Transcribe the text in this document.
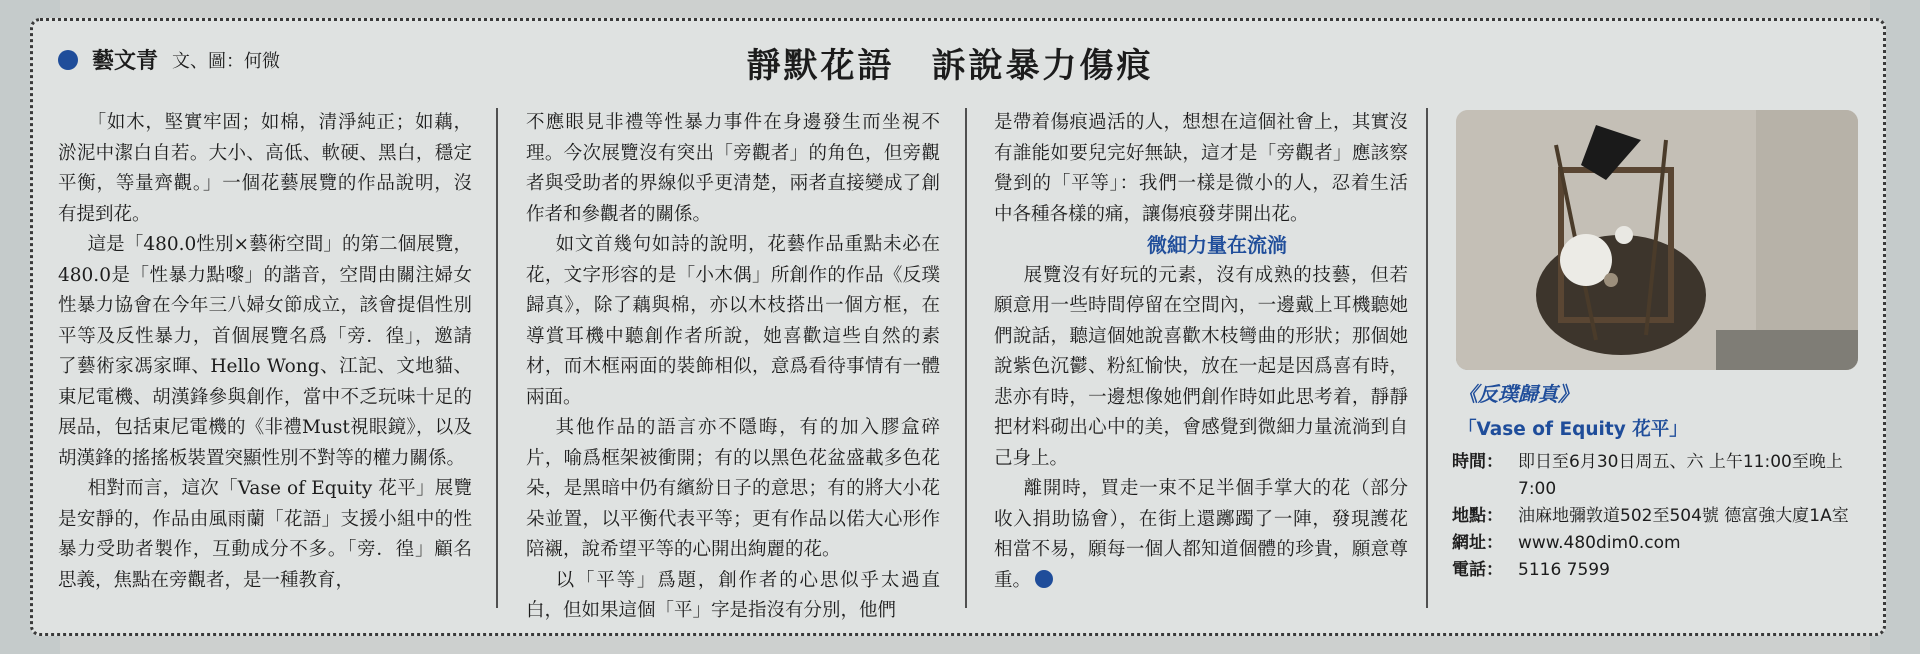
藝文青 文、圖：何微	靜默花語　訴說暴力傷痕

「如木，堅實牢固；如棉，清淨純正；如藕，淤泥中潔白自若。大小、高低、軟硬、黑白，穩定平衡，等量齊觀。」一個花藝展覽的作品說明，沒有提到花。

這是「480.0性別×藝術空間」的第二個展覽，480.0是「性暴力點嚟」的諧音，空間由關注婦女性暴力協會在今年三八婦女節成立，該會提倡性別平等及反性暴力，首個展覽名爲「旁．徨」，邀請了藝術家馮家暉、Hello Wong、江記、文地貓、東尼電機、胡漢鋒參與創作，當中不乏玩味十足的展品，包括東尼電機的《非禮Must視眼鏡》，以及胡漢鋒的搖搖板裝置突顯性別不對等的權力關係。

相對而言，這次「Vase of Equity 花平」展覽是安靜的，作品由風雨蘭「花語」支援小組中的性暴力受助者製作，互動成分不多。「旁．徨」顧名思義，焦點在旁觀者，是一種教育，

不應眼見非禮等性暴力事件在身邊發生而坐視不理。今次展覽沒有突出「旁觀者」的角色，但旁觀者與受助者的界線似乎更清楚，兩者直接變成了創作者和參觀者的關係。

如文首幾句如詩的說明，花藝作品重點未必在花，文字形容的是「小木偶」所創作的作品《反璞歸真》，除了藕與棉，亦以木枝搭出一個方框，在導賞耳機中聽創作者所說，她喜歡這些自然的素材，而木框兩面的裝飾相似，意爲看待事情有一體兩面。

其他作品的語言亦不隱晦，有的加入膠盒碎片，喻爲框架被衝開；有的以黑色花盆盛載多色花朵，是黑暗中仍有繽紛日子的意思；有的將大小花朵並置，以平衡代表平等；更有作品以偌大心形作陪襯，說希望平等的心開出絢麗的花。

以「平等」爲題，創作者的心思似乎太過直白，但如果這個「平」字是指沒有分別，他們

是帶着傷痕過活的人，想想在這個社會上，其實沒有誰能如要兒完好無缺，這才是「旁觀者」應該察覺到的「平等」：我們一樣是微小的人，忍着生活中各種各樣的痛，讓傷痕發芽開出花。

微細力量在流淌

展覽沒有好玩的元素，沒有成熟的技藝，但若願意用一些時間停留在空間內，一邊戴上耳機聽她們說話，聽這個她說喜歡木枝彎曲的形狀；那個她說紫色沉鬱、粉紅愉快，放在一起是因爲喜有時，悲亦有時，一邊想像她們創作時如此思考着，靜靜把材料砌出心中的美，會感覺到微細力量流淌到自己身上。

離開時，買走一束不足半個手掌大的花（部分收入捐助協會），在街上還躑躅了一陣，發現護花相當不易，願每一個人都知道個體的珍貴，願意尊重。

《反璞歸真》
「Vase of Equity 花平」
時間： 即日至6月30日周五、六 上午11:00至晚上7:00
地點： 油麻地彌敦道502至504號 德富強大廈1A室
網址： www.480dim0.com
電話： 5116 7599
